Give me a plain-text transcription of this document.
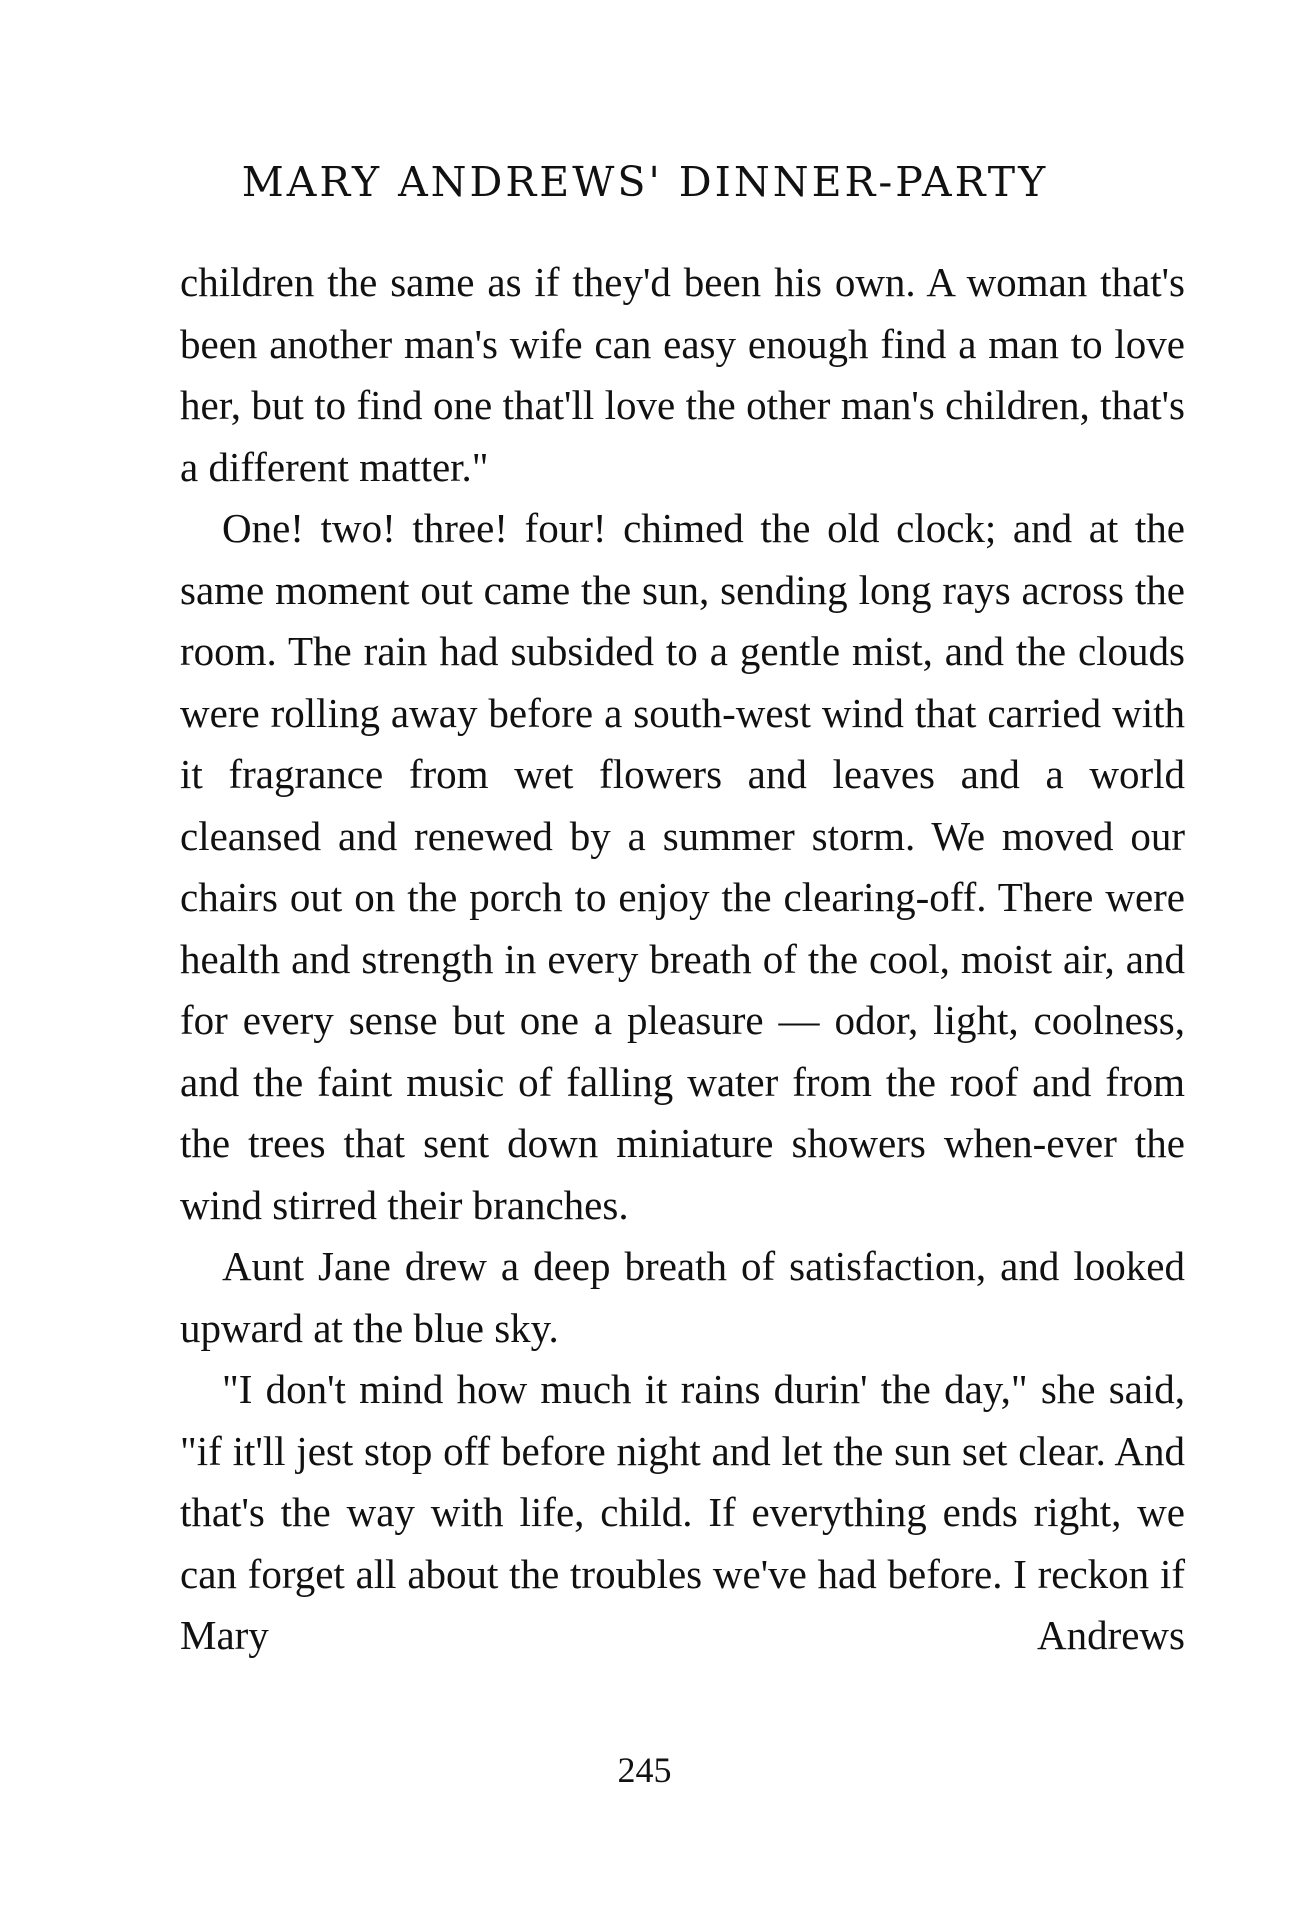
MARY ANDREWS' DINNER-PARTY

children the same as if they'd been his own. A woman that's been another man's wife can easy enough find a man to love her, but to find one that'll love the other man's children, that's a different matter."

One! two! three! four! chimed the old clock; and at the same moment out came the sun, sending long rays across the room. The rain had subsided to a gentle mist, and the clouds were rolling away before a south-west wind that carried with it fragrance from wet flowers and leaves and a world cleansed and renewed by a summer storm. We moved our chairs out on the porch to enjoy the clearing-off. There were health and strength in every breath of the cool, moist air, and for every sense but one a pleasure — odor, light, coolness, and the faint music of falling water from the roof and from the trees that sent down miniature showers when-ever the wind stirred their branches.

Aunt Jane drew a deep breath of satisfaction, and looked upward at the blue sky.

"I don't mind how much it rains durin' the day," she said, "if it'll jest stop off before night and let the sun set clear. And that's the way with life, child. If everything ends right, we can forget all about the troubles we've had before. I reckon if Mary Andrews

245
